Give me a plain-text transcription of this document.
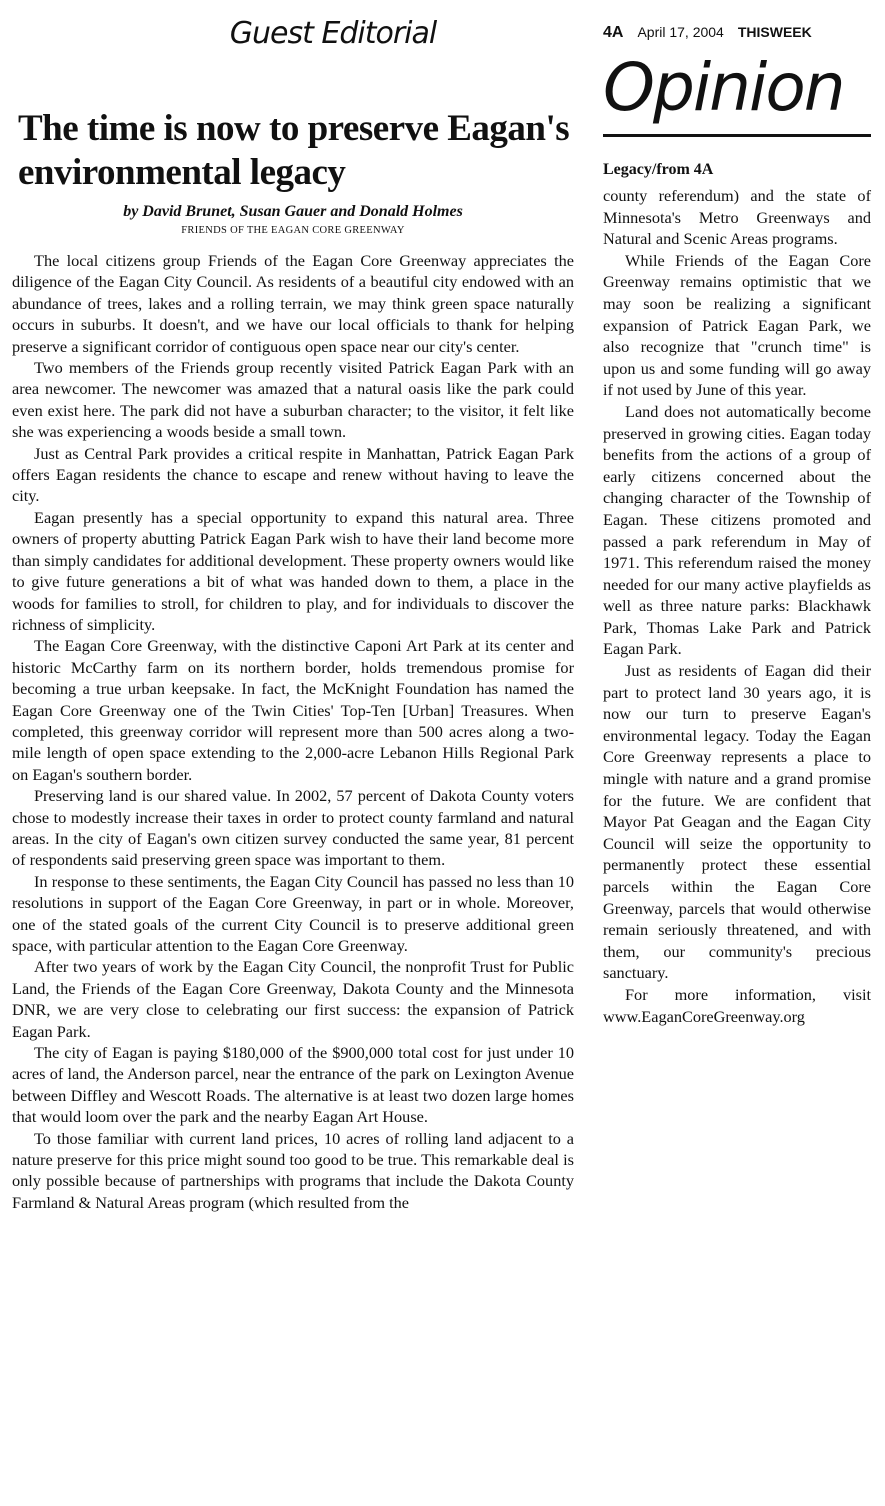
Guest Editorial
The time is now to preserve Eagan's environmental legacy
by David Brunet, Susan Gauer and Donald Holmes
FRIENDS OF THE EAGAN CORE GREENWAY

The local citizens group Friends of the Eagan Core Greenway appreciates the diligence of the Eagan City Council. As residents of a beautiful city endowed with an abundance of trees, lakes and a rolling terrain, we may think green space naturally occurs in suburbs. It doesn't, and we have our local officials to thank for helping preserve a significant corridor of contiguous open space near our city's center.

Two members of the Friends group recently visited Patrick Eagan Park with an area newcomer. The newcomer was amazed that a natural oasis like the park could even exist here. The park did not have a suburban character; to the visitor, it felt like she was experiencing a woods beside a small town.

Just as Central Park provides a critical respite in Manhattan, Patrick Eagan Park offers Eagan residents the chance to escape and renew without having to leave the city.

Eagan presently has a special opportunity to expand this natural area. Three owners of property abutting Patrick Eagan Park wish to have their land become more than simply candidates for additional development. These property owners would like to give future generations a bit of what was handed down to them, a place in the woods for families to stroll, for children to play, and for individuals to discover the richness of simplicity.

The Eagan Core Greenway, with the distinctive Caponi Art Park at its center and historic McCarthy farm on its northern border, holds tremendous promise for becoming a true urban keepsake. In fact, the McKnight Foundation has named the Eagan Core Greenway one of the Twin Cities' Top-Ten [Urban] Treasures. When completed, this greenway corridor will represent more than 500 acres along a two-mile length of open space extending to the 2,000-acre Lebanon Hills Regional Park on Eagan's southern border.

Preserving land is our shared value. In 2002, 57 percent of Dakota County voters chose to modestly increase their taxes in order to protect county farmland and natural areas. In the city of Eagan's own citizen survey conducted the same year, 81 percent of respondents said preserving green space was important to them.

In response to these sentiments, the Eagan City Council has passed no less than 10 resolutions in support of the Eagan Core Greenway, in part or in whole. Moreover, one of the stated goals of the current City Council is to preserve additional green space, with particular attention to the Eagan Core Greenway.

After two years of work by the Eagan City Council, the nonprofit Trust for Public Land, the Friends of the Eagan Core Greenway, Dakota County and the Minnesota DNR, we are very close to celebrating our first success: the expansion of Patrick Eagan Park.

The city of Eagan is paying $180,000 of the $900,000 total cost for just under 10 acres of land, the Anderson parcel, near the entrance of the park on Lexington Avenue between Diffley and Wescott Roads. The alternative is at least two dozen large homes that would loom over the park and the nearby Eagan Art House.

To those familiar with current land prices, 10 acres of rolling land adjacent to a nature preserve for this price might sound too good to be true. This remarkable deal is only possible because of partnerships with programs that include the Dakota County Farmland & Natural Areas program (which resulted from the

4A April 17, 2004 THISWEEK
Opinion
Legacy/from 4A

county referendum) and the state of Minnesota's Metro Greenways and Natural and Scenic Areas programs.

While Friends of the Eagan Core Greenway remains optimistic that we may soon be realizing a significant expansion of Patrick Eagan Park, we also recognize that "crunch time" is upon us and some funding will go away if not used by June of this year.

Land does not automatically become preserved in growing cities. Eagan today benefits from the actions of a group of early citizens concerned about the changing character of the Township of Eagan. These citizens promoted and passed a park referendum in May of 1971. This referendum raised the money needed for our many active playfields as well as three nature parks: Blackhawk Park, Thomas Lake Park and Patrick Eagan Park.

Just as residents of Eagan did their part to protect land 30 years ago, it is now our turn to preserve Eagan's environmental legacy. Today the Eagan Core Greenway represents a place to mingle with nature and a grand promise for the future. We are confident that Mayor Pat Geagan and the Eagan City Council will seize the opportunity to permanently protect these essential parcels within the Eagan Core Greenway, parcels that would otherwise remain seriously threatened, and with them, our community's precious sanctuary.

For more information, visit www.EaganCoreGreenway.org
